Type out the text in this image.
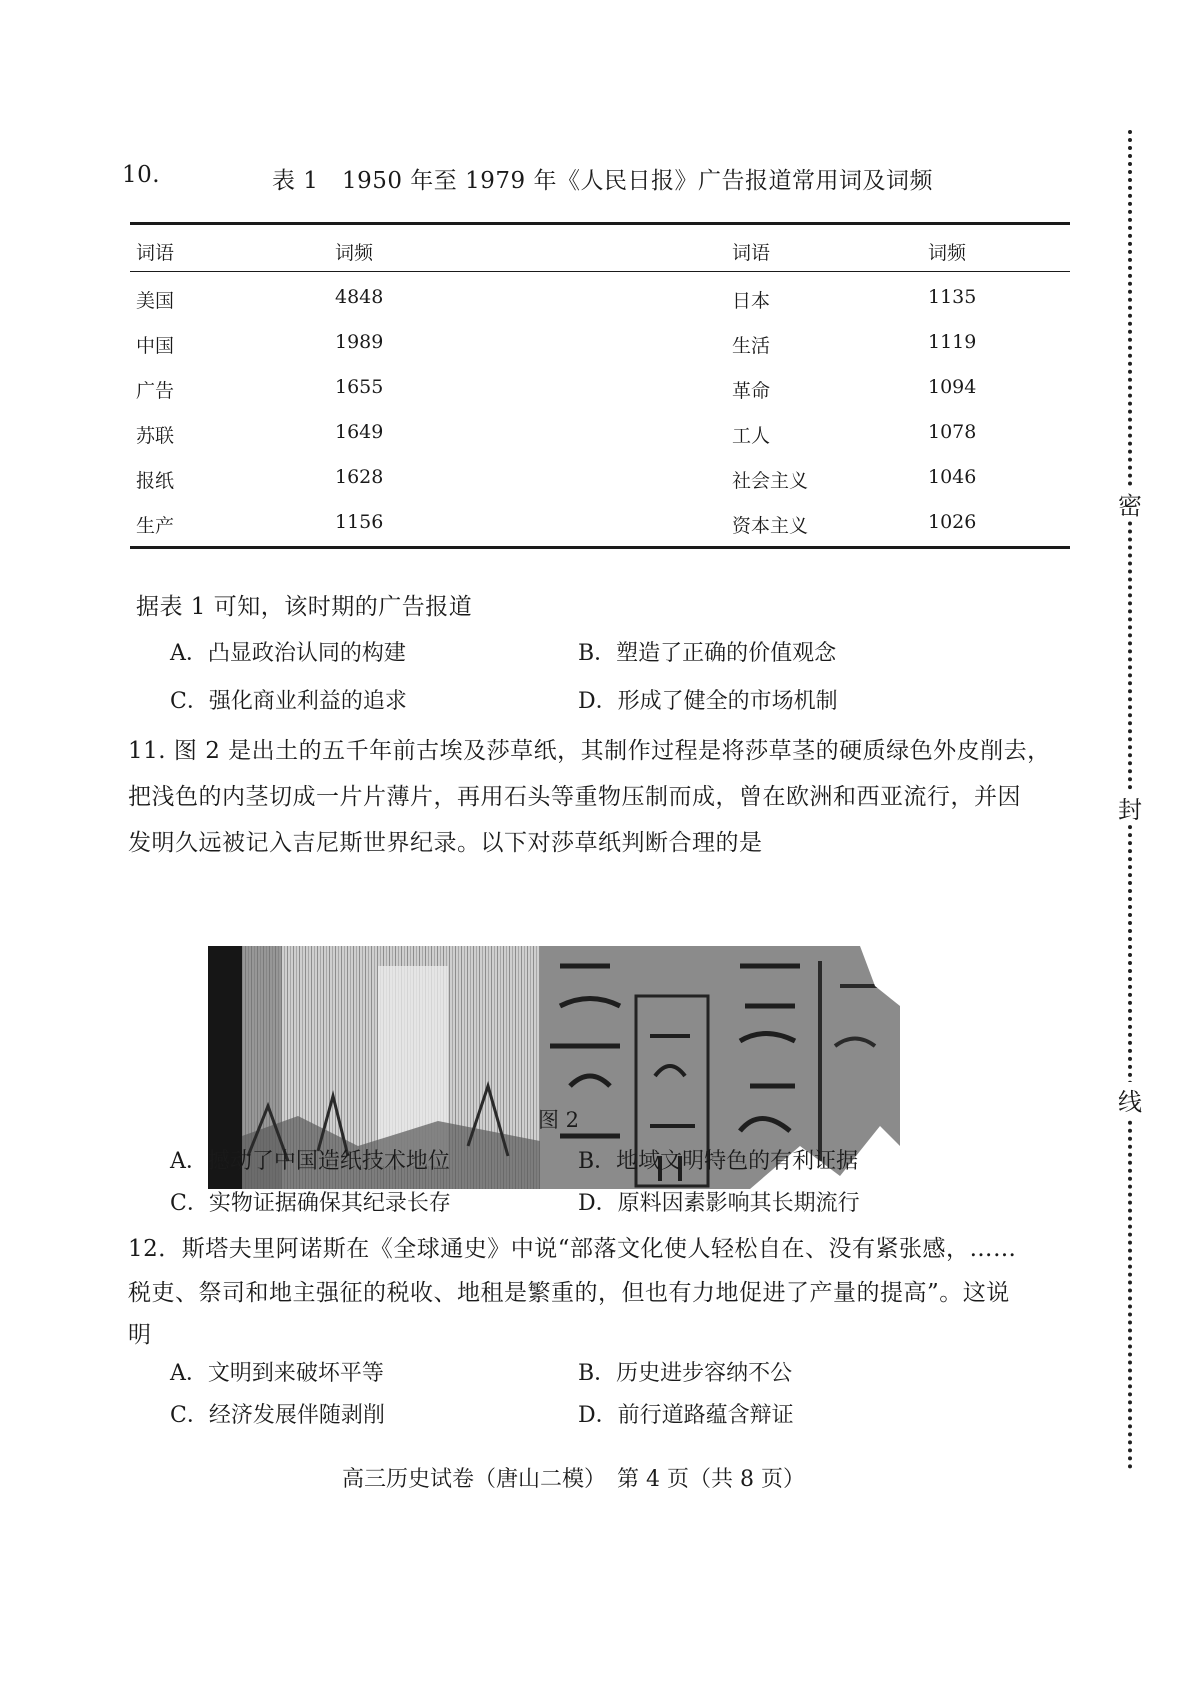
10.	表 1　1950 年至 1979 年《人民日报》广告报道常用词及词频
词语	词频	词语	词频
美国	4848	日本	1135
中国	1989	生活	1119
广告	1655	革命	1094
苏联	1649	工人	1078
报纸	1628	社会主义	1046
生产	1156	资本主义	1026
据表 1 可知，该时期的广告报道
A．凸显政治认同的构建	B．塑造了正确的价值观念
C．强化商业利益的追求	D．形成了健全的市场机制
11. 图 2 是出土的五千年前古埃及莎草纸，其制作过程是将莎草茎的硬质绿色外皮削去，
把浅色的内茎切成一片片薄片，再用石头等重物压制而成，曾在欧洲和西亚流行，并因
发明久远被记入吉尼斯世界纪录。以下对莎草纸判断合理的是
图 2
A．撼动了中国造纸技术地位	B．地域文明特色的有利证据
C．实物证据确保其纪录长存	D．原料因素影响其长期流行
12．斯塔夫里阿诺斯在《全球通史》中说“部落文化使人轻松自在、没有紧张感，……
税吏、祭司和地主强征的税收、地租是繁重的，但也有力地促进了产量的提高”。这说
明
A．文明到来破坏平等	B．历史进步容纳不公
C．经济发展伴随剥削	D．前行道路蕴含辩证
高三历史试卷（唐山二模）　第 4 页（共 8 页）
密
封
线
